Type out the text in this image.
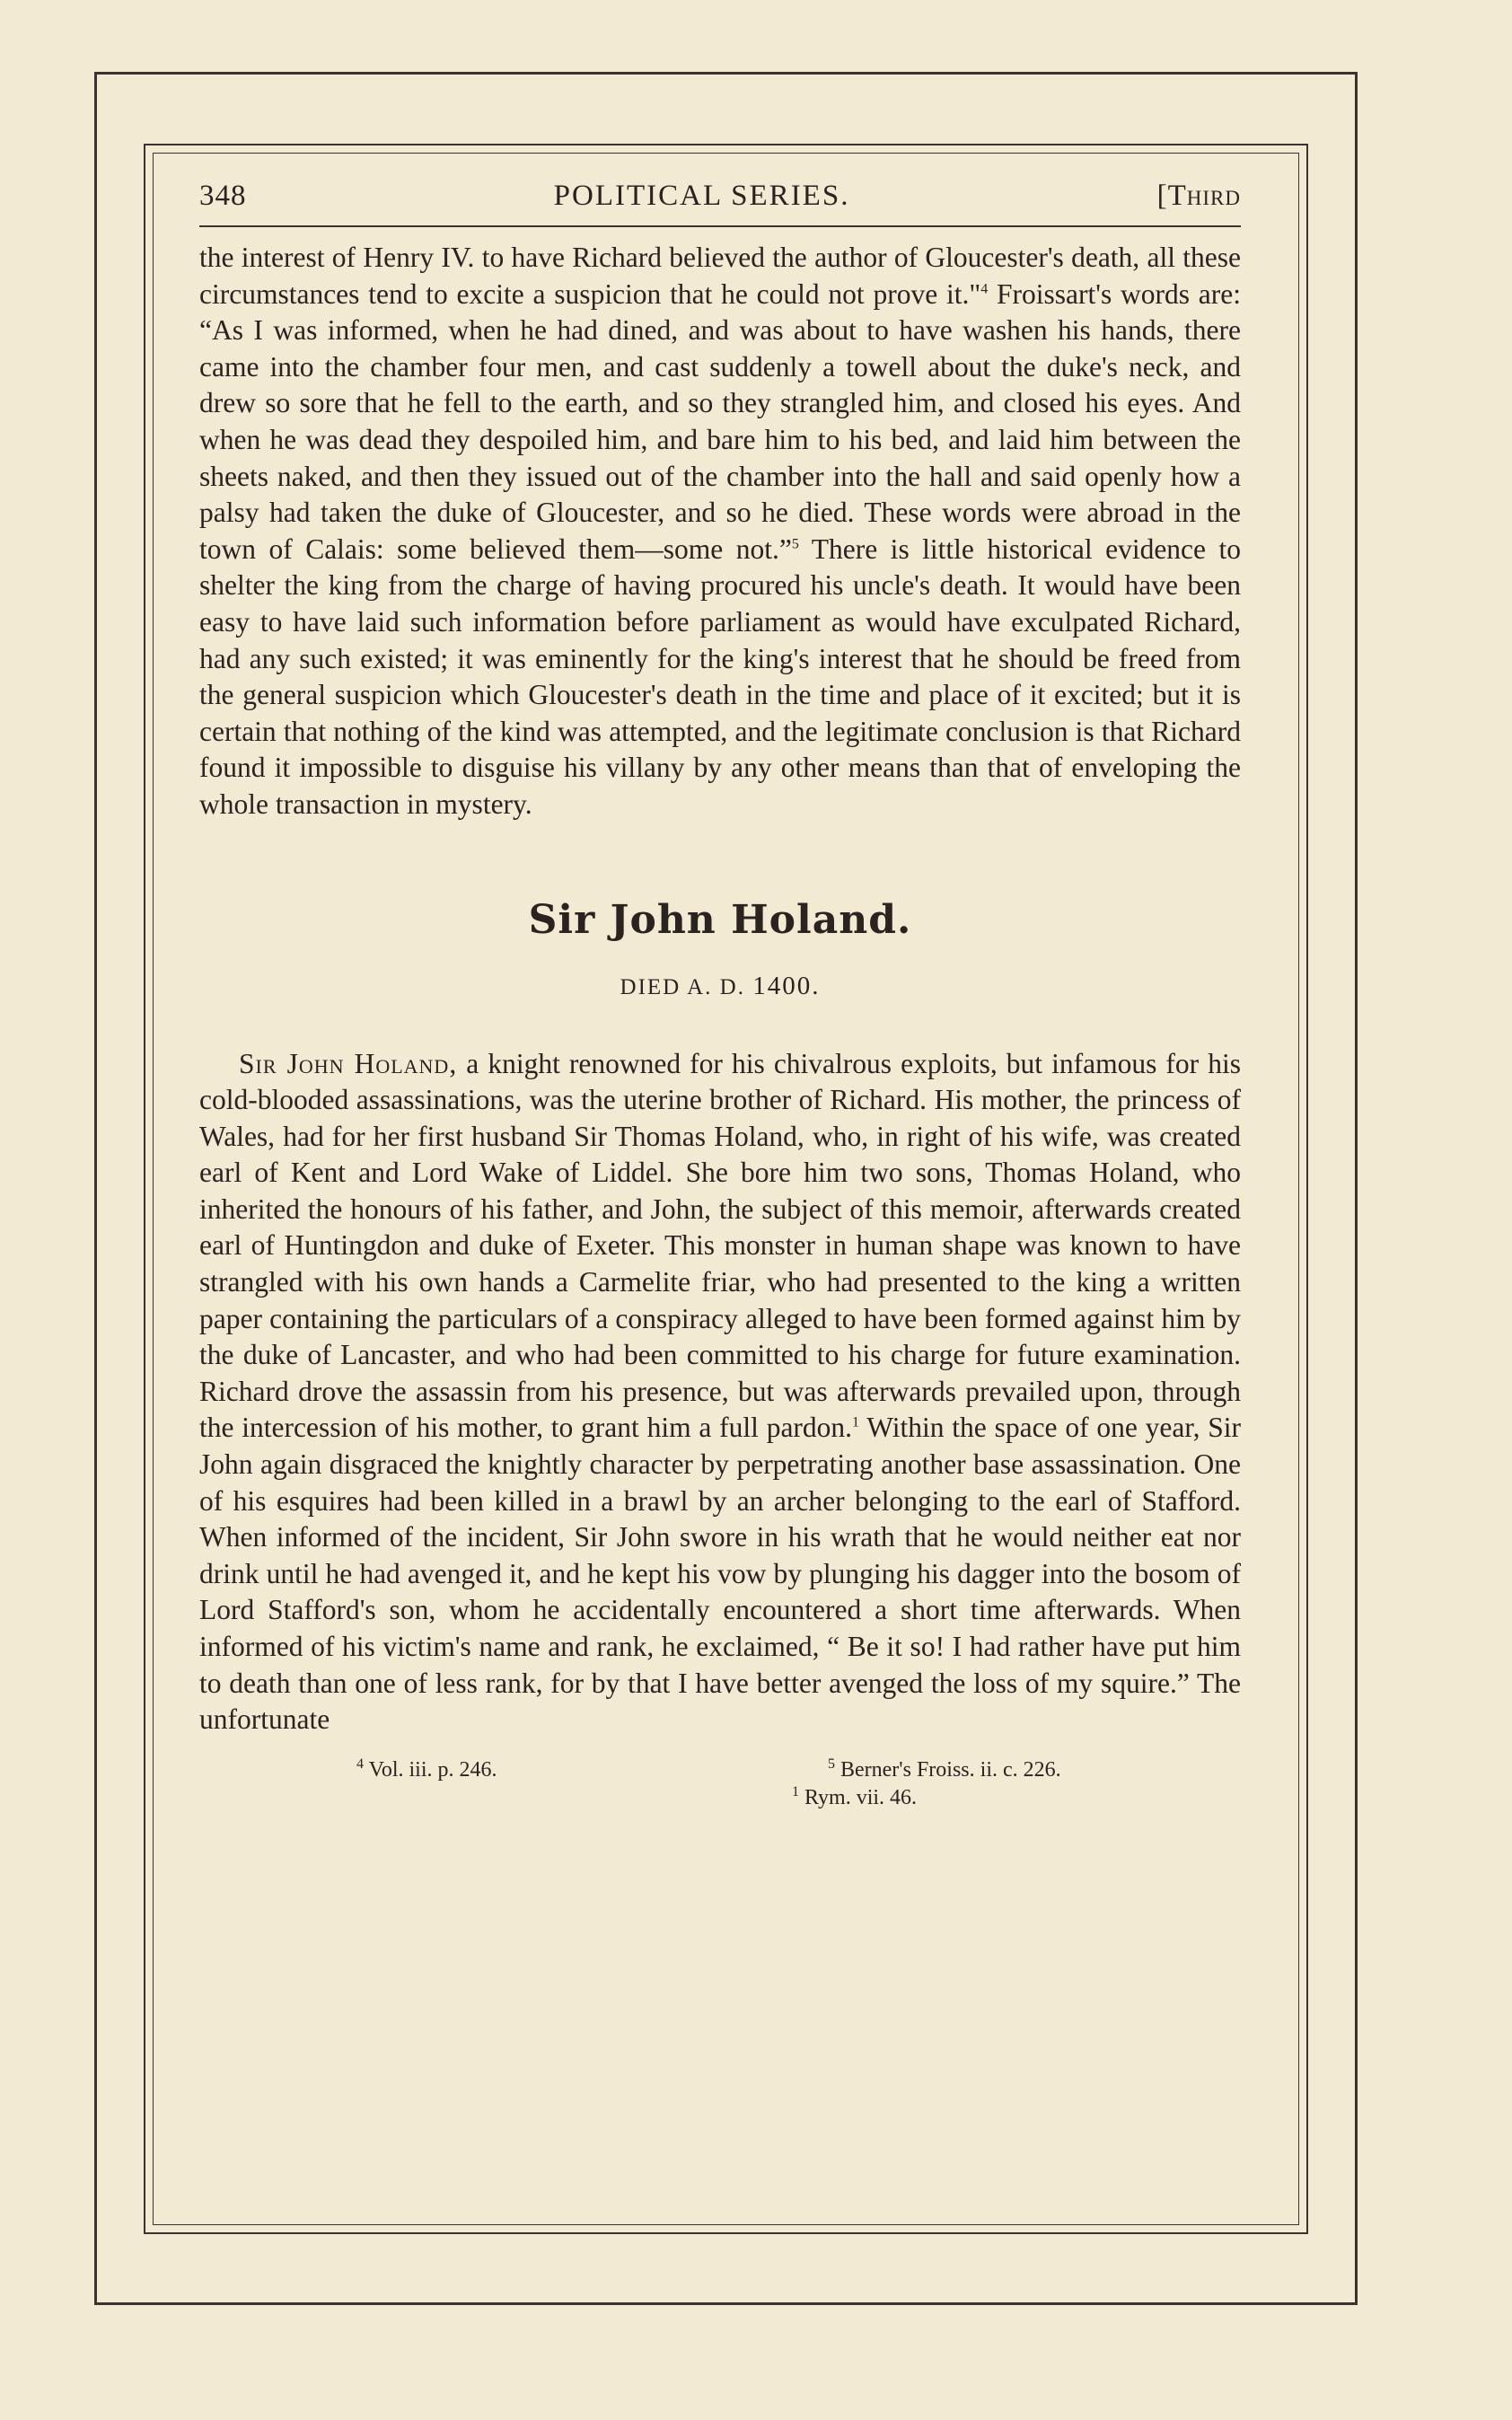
348	POLITICAL SERIES.	[Third

the interest of Henry IV. to have Richard believed the author of Gloucester's death, all these circumstances tend to excite a suspicion that he could not prove it."$^4$ Froissart's words are: “As I was informed, when he had dined, and was about to have washen his hands, there came into the chamber four men, and cast suddenly a towell about the duke's neck, and drew so sore that he fell to the earth, and so they strangled him, and closed his eyes. And when he was dead they despoiled him, and bare him to his bed, and laid him between the sheets naked, and then they issued out of the chamber into the hall and said openly how a palsy had taken the duke of Gloucester, and so he died. These words were abroad in the town of Calais: some believed them—some not.”$^5$ There is little historical evidence to shelter the king from the charge of having procured his uncle's death. It would have been easy to have laid such information before parliament as would have exculpated Richard, had any such existed; it was eminently for the king's interest that he should be freed from the general suspicion which Gloucester's death in the time and place of it excited; but it is certain that nothing of the kind was attempted, and the legitimate conclusion is that Richard found it impossible to disguise his villany by any other means than that of enveloping the whole transaction in mystery.

Sir John Holand.
DIED A. D. 1400.

Sir John Holand, a knight renowned for his chivalrous exploits, but infamous for his cold-blooded assassinations, was the uterine brother of Richard. His mother, the princess of Wales, had for her first husband Sir Thomas Holand, who, in right of his wife, was created earl of Kent and Lord Wake of Liddel. She bore him two sons, Thomas Holand, who inherited the honours of his father, and John, the subject of this memoir, afterwards created earl of Huntingdon and duke of Exeter. This monster in human shape was known to have strangled with his own hands a Carmelite friar, who had presented to the king a written paper containing the particulars of a conspiracy alleged to have been formed against him by the duke of Lancaster, and who had been committed to his charge for future examination. Richard drove the assassin from his presence, but was afterwards prevailed upon, through the intercession of his mother, to grant him a full pardon.$^1$ Within the space of one year, Sir John again disgraced the knightly character by perpetrating another base assassination. One of his esquires had been killed in a brawl by an archer belonging to the earl of Stafford. When informed of the incident, Sir John swore in his wrath that he would neither eat nor drink until he had avenged it, and he kept his vow by plunging his dagger into the bosom of Lord Stafford's son, whom he accidentally encountered a short time afterwards. When informed of his victim's name and rank, he exclaimed, “ Be it so! I had rather have put him to death than one of less rank, for by that I have better avenged the loss of my squire.” The unfortunate

$^4$ Vol. iii. p. 246.	$^5$ Berner's Froiss. ii. c. 226.
$^1$ Rym. vii. 46.
